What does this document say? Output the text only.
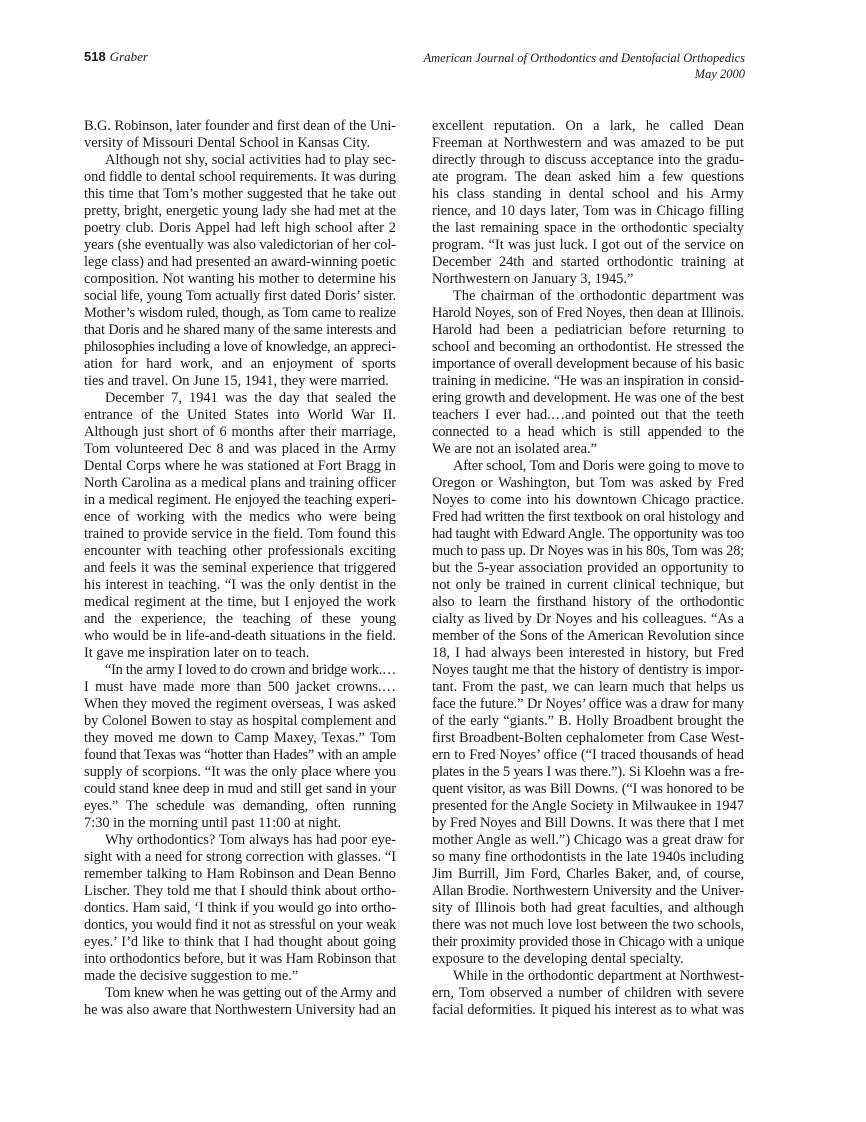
518 Graber	American Journal of Orthodontics and Dentofacial Orthopedics
May 2000
B.G. Robinson, later founder and first dean of the Uni-
versity of Missouri Dental School in Kansas City.
Although not shy, social activities had to play sec-
ond fiddle to dental school requirements. It was during
this time that Tom’s mother suggested that he take out
pretty, bright, energetic young lady she had met at the
poetry club. Doris Appel had left high school after 2
years (she eventually was also valedictorian of her col-
lege class) and had presented an award-winning poetic
composition. Not wanting his mother to determine his
social life, young Tom actually first dated Doris’ sister.
Mother’s wisdom ruled, though, as Tom came to realize
that Doris and he shared many of the same interests and
philosophies including a love of knowledge, an appreci-
ation for hard work, and an enjoyment of sports
ties and travel. On June 15, 1941, they were married.
December 7, 1941 was the day that sealed the
entrance of the United States into World War II.
Although just short of 6 months after their marriage,
Tom volunteered Dec 8 and was placed in the Army
Dental Corps where he was stationed at Fort Bragg in
North Carolina as a medical plans and training officer
in a medical regiment. He enjoyed the teaching experi-
ence of working with the medics who were being
trained to provide service in the field. Tom found this
encounter with teaching other professionals exciting
and feels it was the seminal experience that triggered
his interest in teaching. “I was the only dentist in the
medical regiment at the time, but I enjoyed the work
and the experience, the teaching of these young
who would be in life-and-death situations in the field.
It gave me inspiration later on to teach.
“In the army I loved to do crown and bridge work.…
I must have made more than 500 jacket crowns.…
When they moved the regiment overseas, I was asked
by Colonel Bowen to stay as hospital complement and
they moved me down to Camp Maxey, Texas.” Tom
found that Texas was “hotter than Hades” with an ample
supply of scorpions. “It was the only place where you
could stand knee deep in mud and still get sand in your
eyes.” The schedule was demanding, often running
7:30 in the morning until past 11:00 at night.
Why orthodontics? Tom always has had poor eye-
sight with a need for strong correction with glasses. “I
remember talking to Ham Robinson and Dean Benno
Lischer. They told me that I should think about ortho-
dontics. Ham said, ‘I think if you would go into ortho-
dontics, you would find it not as stressful on your weak
eyes.’ I’d like to think that I had thought about going
into orthodontics before, but it was Ham Robinson that
made the decisive suggestion to me.”
Tom knew when he was getting out of the Army and
he was also aware that Northwestern University had an
excellent reputation. On a lark, he called Dean
Freeman at Northwestern and was amazed to be put
directly through to discuss acceptance into the gradu-
ate program. The dean asked him a few questions
his class standing in dental school and his Army
rience, and 10 days later, Tom was in Chicago filling
the last remaining space in the orthodontic specialty
program. “It was just luck. I got out of the service on
December 24th and started orthodontic training at
Northwestern on January 3, 1945.”
The chairman of the orthodontic department was
Harold Noyes, son of Fred Noyes, then dean at Illinois.
Harold had been a pediatrician before returning to
school and becoming an orthodontist. He stressed the
importance of overall development because of his basic
training in medicine. “He was an inspiration in consid-
ering growth and development. He was one of the best
teachers I ever had.…and pointed out that the teeth
connected to a head which is still appended to the
We are not an isolated area.”
After school, Tom and Doris were going to move to
Oregon or Washington, but Tom was asked by Fred
Noyes to come into his downtown Chicago practice.
Fred had written the first textbook on oral histology and
had taught with Edward Angle. The opportunity was too
much to pass up. Dr Noyes was in his 80s, Tom was 28;
but the 5-year association provided an opportunity to
not only be trained in current clinical technique, but
also to learn the firsthand history of the orthodontic
cialty as lived by Dr Noyes and his colleagues. “As a
member of the Sons of the American Revolution since
18, I had always been interested in history, but Fred
Noyes taught me that the history of dentistry is impor-
tant. From the past, we can learn much that helps us
face the future.” Dr Noyes’ office was a draw for many
of the early “giants.” B. Holly Broadbent brought the
first Broadbent-Bolten cephalometer from Case West-
ern to Fred Noyes’ office (“I traced thousands of head
plates in the 5 years I was there.”). Si Kloehn was a fre-
quent visitor, as was Bill Downs. (“I was honored to be
presented for the Angle Society in Milwaukee in 1947
by Fred Noyes and Bill Downs. It was there that I met
mother Angle as well.”) Chicago was a great draw for
so many fine orthodontists in the late 1940s including
Jim Burrill, Jim Ford, Charles Baker, and, of course,
Allan Brodie. Northwestern University and the Univer-
sity of Illinois both had great faculties, and although
there was not much love lost between the two schools,
their proximity provided those in Chicago with a unique
exposure to the developing dental specialty.
While in the orthodontic department at Northwest-
ern, Tom observed a number of children with severe
facial deformities. It piqued his interest as to what was
